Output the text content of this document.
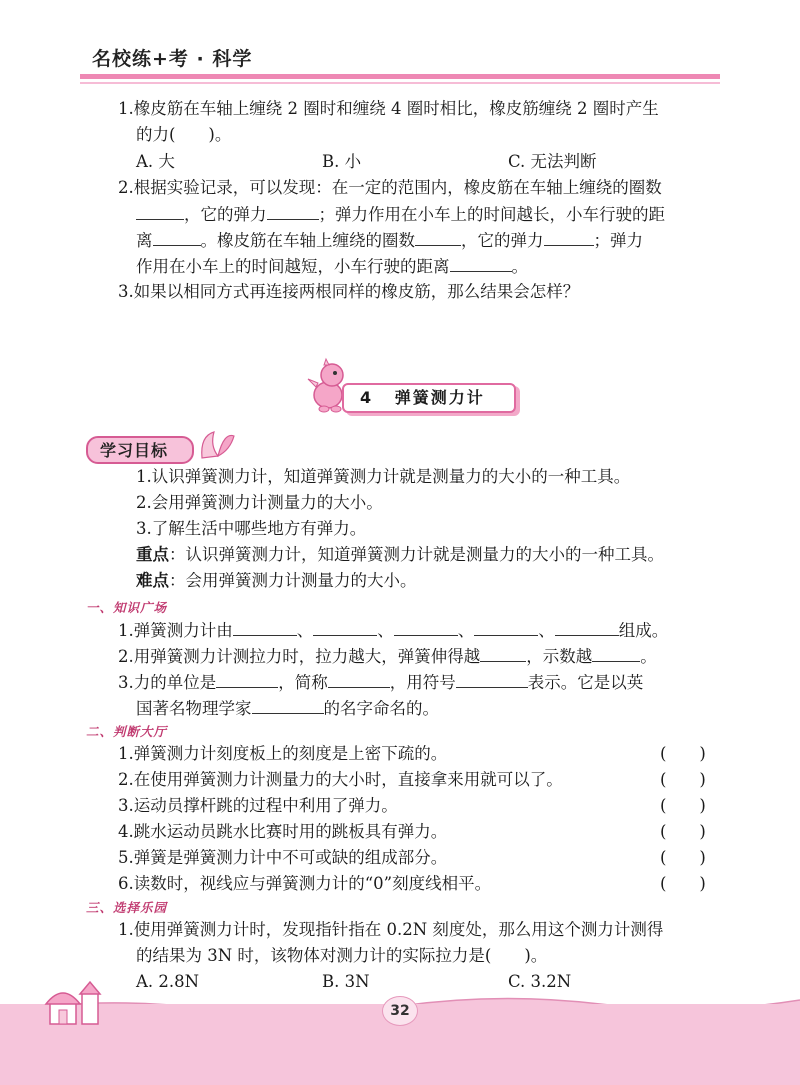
名校练+考 · 科学
1.橡皮筋在车轴上缠绕 2 圈时和缠绕 4 圈时相比，橡皮筋缠绕 2 圈时产生
的力(　　)。
A. 大	B. 小	C. 无法判断
2.根据实验记录，可以发现：在一定的范围内，橡皮筋在车轴上缠绕的圈数
，它的弹力	；弹力作用在小车上的时间越长，小车行驶的距
离	。橡皮筋在车轴上缠绕的圈数	，它的弹力	；弹力
作用在小车上的时间越短，小车行驶的距离	。
3.如果以相同方式再连接两根同样的橡皮筋，那么结果会怎样？
4 弹簧测力计
学习目标
1.认识弹簧测力计，知道弹簧测力计就是测量力的大小的一种工具。
2.会用弹簧测力计测量力的大小。
3.了解生活中哪些地方有弹力。
重点：认识弹簧测力计，知道弹簧测力计就是测量力的大小的一种工具。
难点：会用弹簧测力计测量力的大小。
一、知识广场
1.弹簧测力计由	、	、	、	、	组成。
2.用弹簧测力计测拉力时，拉力越大，弹簧伸得越	，示数越	。
3.力的单位是	，简称	，用符号	表示。它是以英
国著名物理学家	的名字命名的。
二、判断大厅
1.弹簧测力计刻度板上的刻度是上密下疏的。	(　　)
2.在使用弹簧测力计测量力的大小时，直接拿来用就可以了。	(　　)
3.运动员撑杆跳的过程中利用了弹力。	(　　)
4.跳水运动员跳水比赛时用的跳板具有弹力。	(　　)
5.弹簧是弹簧测力计中不可或缺的组成部分。	(　　)
6.读数时，视线应与弹簧测力计的“0”刻度线相平。	(　　)
三、选择乐园
1.使用弹簧测力计时，发现指针指在 0.2N 刻度处，那么用这个测力计测得
的结果为 3N 时，该物体对测力计的实际拉力是(　　)。
A. 2.8N	B. 3N	C. 3.2N
32
